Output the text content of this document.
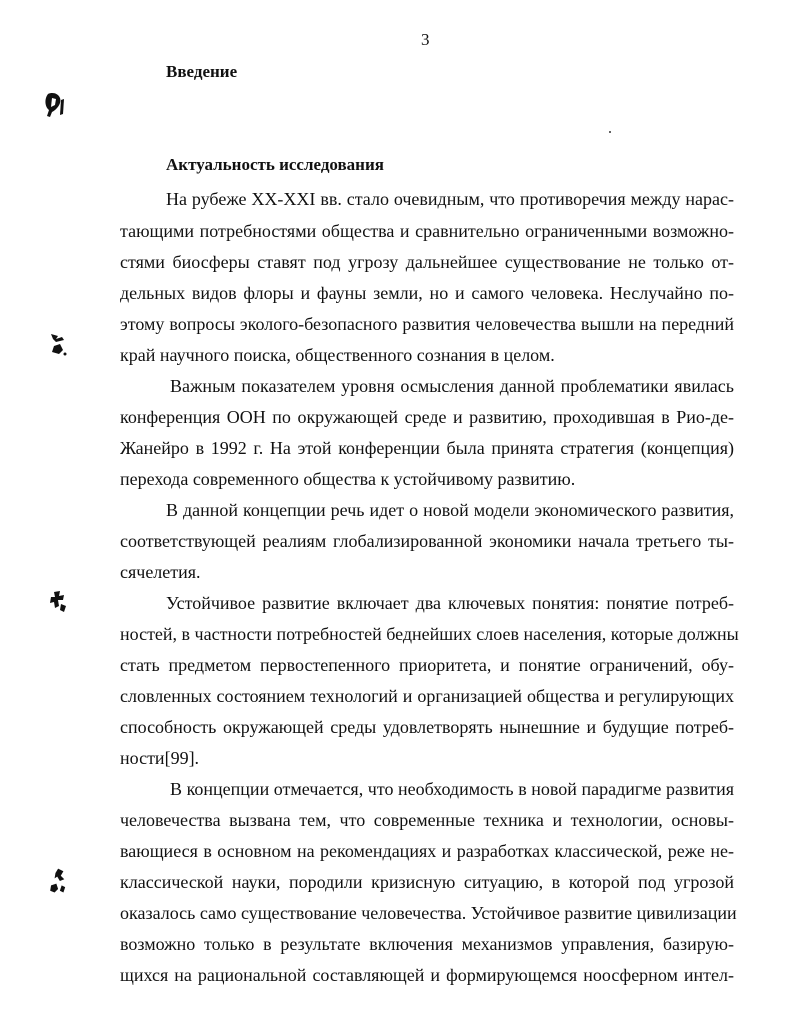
3
Введение
Актуальность исследования
На рубеже XX-XXI вв. стало очевидным, что противоречия между нарас-
тающими потребностями общества и сравнительно ограниченными возможно-
стями биосферы ставят под угрозу дальнейшее существование не только от-
дельных видов флоры и фауны земли, но и самого человека. Неслучайно по-
этому вопросы эколого-безопасного развития человечества вышли на передний
край научного поиска, общественного сознания в целом.
Важным показателем уровня осмысления данной проблематики явилась
конференция ООН по окружающей среде и развитию, проходившая в Рио-де-
Жанейро в 1992 г. На этой конференции была принята стратегия (концепция)
перехода современного общества к устойчивому развитию.
В данной концепции речь идет о новой модели экономического развития,
соответствующей реалиям глобализированной экономики начала третьего ты-
сячелетия.
Устойчивое развитие включает два ключевых понятия: понятие потреб-
ностей, в частности потребностей беднейших слоев населения, которые должны
стать предметом первостепенного приоритета, и понятие ограничений, обу-
словленных состоянием технологий и организацией общества и регулирующих
способность окружающей среды удовлетворять нынешние и будущие потреб-
ности[99].
В концепции отмечается, что необходимость в новой парадигме развития
человечества вызвана тем, что современные техника и технологии, основы-
вающиеся в основном на рекомендациях и разработках классической, реже не-
классической науки, породили кризисную ситуацию, в которой под угрозой
оказалось само существование человечества. Устойчивое развитие цивилизации
возможно только в результате включения механизмов управления, базирую-
щихся на рациональной составляющей и формирующемся ноосферном интел-
